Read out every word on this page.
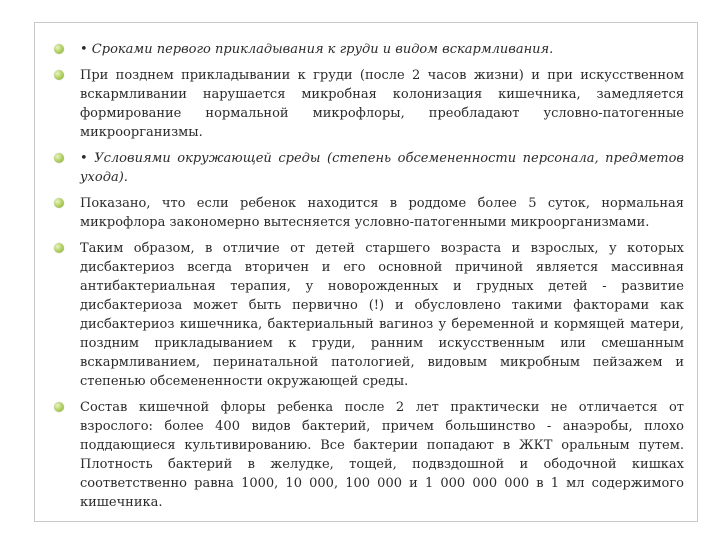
• Сроками первого прикладывания к груди и видом вскармливания.
При позднем прикладывании к груди (после 2 часов жизни) и при искусственном вскармливании нарушается микробная колонизация кишечника, замедляется формирование нормальной микрофлоры, преобладают условно-патогенные микроорганизмы.
• Условиями окружающей среды (степень обсемененности персонала, предметов ухода).
Показано, что если ребенок находится в роддоме более 5 суток, нормальная микрофлора закономерно вытесняется условно-патогенными микроорганизмами.
Таким образом, в отличие от детей старшего возраста и взрослых, у которых дисбактериоз всегда вторичен и его основной причиной является массивная антибактериальная терапия, у новорожденных и грудных детей - развитие дисбактериоза может быть первично (!) и обусловлено такими факторами как дисбактериоз кишечника, бактериальный вагиноз у беременной и кормящей матери, поздним прикладыванием к груди, ранним искусственным или смешанным вскармливанием, перинатальной патологией, видовым микробным пейзажем и степенью обсемененности окружающей среды.
Состав кишечной флоры ребенка после 2 лет практически не отличается от взрослого: более 400 видов бактерий, причем большинство - анаэробы, плохо поддающиеся культивированию. Все бактерии попадают в ЖКТ оральным путем. Плотность бактерий в желудке, тощей, подвздошной и ободочной кишках соответственно равна 1000, 10 000, 100 000 и 1 000 000 000 в 1 мл содержимого кишечника.
